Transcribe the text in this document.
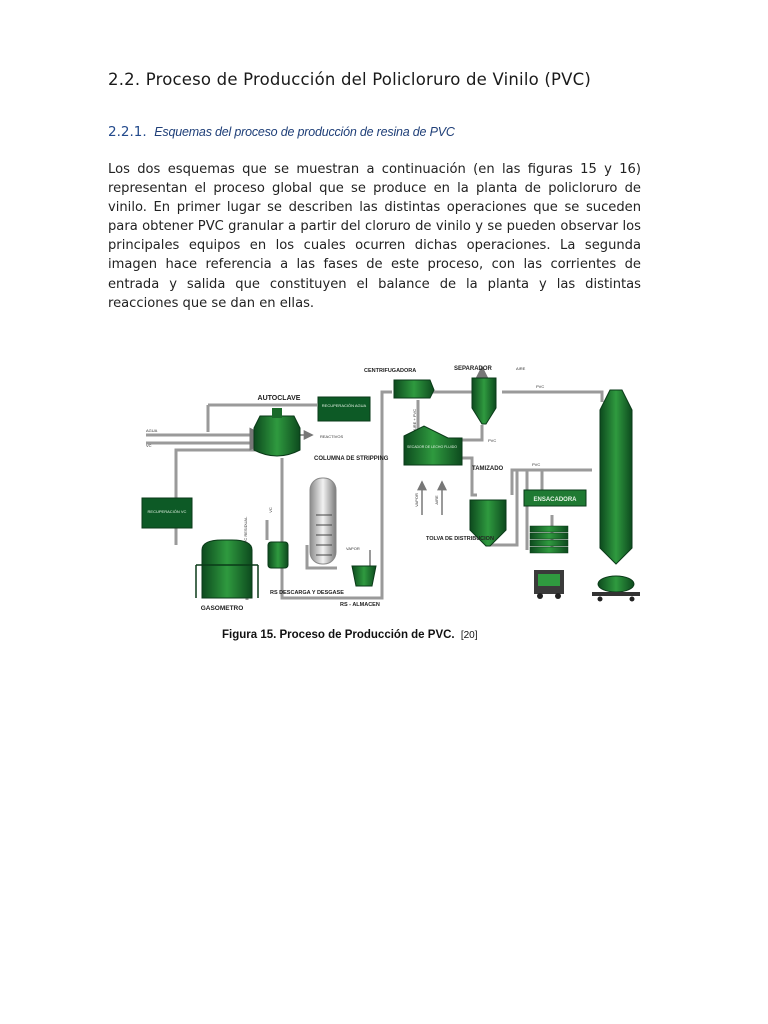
2.2. Proceso de Producción del Policloruro de Vinilo (PVC)
2.2.1. Esquemas del proceso de producción de resina de PVC

Los dos esquemas que se muestran a continuación (en las figuras 15 y 16) representan el proceso global que se produce en la planta de policloruro de vinilo. En primer lugar se describen las distintas operaciones que se suceden para obtener PVC granular a partir del cloruro de vinilo y se pueden observar los principales equipos en los cuales ocurren dichas operaciones. La segunda imagen hace referencia a las fases de este proceso, con las corrientes de entrada y salida que constituyen el balance de la planta y las distintas reacciones que se dan en ellas.

RECUPERACIÓN AGUA
AUTOCLAVE
AGUA
VC
REACTIVOS
RECUPERACIÓN VC
GASOMETRO
VC RESIDUAL
VC
RS DESCARGA Y DESGASE
COLUMNA DE STRIPPING
VAPOR
RS - ALMACEN
CENTRIFUGADORA
AIRE + PVC
SEPARADOR	AIRE
PVC
PVC
SECADOR DE LECHO FLUIDO
VAPOR	AIRE
TAMIZADO
PVC
TOLVA DE DISTRIBUCION
ENSACADORA

Figura 15. Proceso de Producción de PVC. [20]
